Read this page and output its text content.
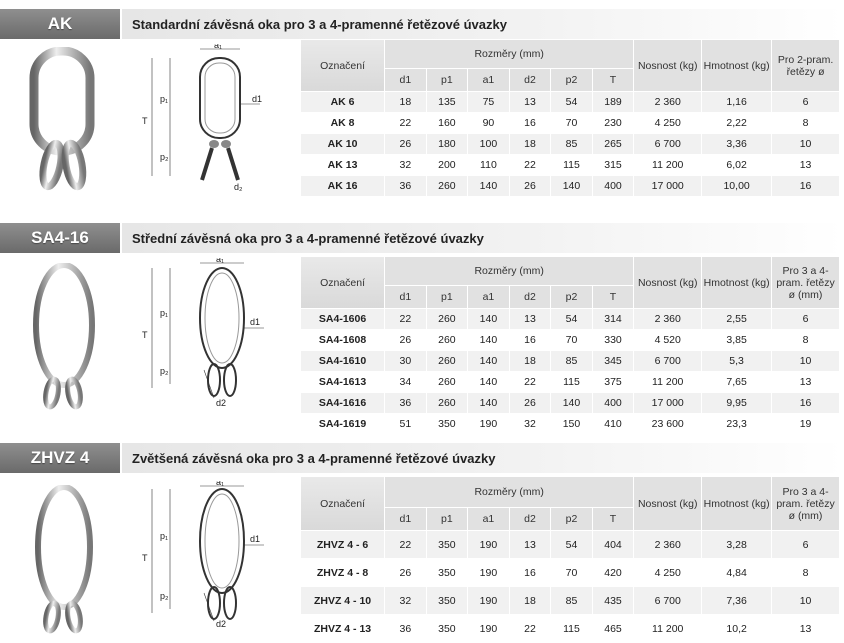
AK	Standardní závěsná oka pro 3 a 4-pramenné řetězové úvazky
a₁
p₁
p₂
T
d1
d₂
Označení	Rozměry (mm)						Nosnost (kg)	Hmotnost (kg)	Pro 2-pram. řetězy ø
	d1	p1	a1	d2	p2	T			
AK 6	18	135	75	13	54	189	2 360	1,16	6
AK 8	22	160	90	16	70	230	4 250	2,22	8
AK 10	26	180	100	18	85	265	6 700	3,36	10
AK 13	32	200	110	22	115	315	11 200	6,02	13
AK 16	36	260	140	26	140	400	17 000	10,00	16
SA4-16	Střední závěsná oka pro 3 a 4-pramenné řetězové úvazky
a₁
p₁
p₂
T
d1
d2
Označení	Rozměry (mm)						Nosnost (kg)	Hmotnost (kg)	Pro 3 a 4-pram. řetězy ø (mm)
	d1	p1	a1	d2	p2	T			
SA4-1606	22	260	140	13	54	314	2 360	2,55	6
SA4-1608	26	260	140	16	70	330	4 520	3,85	8
SA4-1610	30	260	140	18	85	345	6 700	5,3	10
SA4-1613	34	260	140	22	115	375	11 200	7,65	13
SA4-1616	36	260	140	26	140	400	17 000	9,95	16
SA4-1619	51	350	190	32	150	410	23 600	23,3	19
ZHVZ 4	Zvětšená závěsná oka pro 3 a 4-pramenné řetězové úvazky
a₁
p₁
p₂
T
d1
d2
Označení	Rozměry (mm)						Nosnost (kg)	Hmotnost (kg)	Pro 3 a 4-pram. řetězy ø (mm)
	d1	p1	a1	d2	p2	T			
ZHVZ 4 - 6	22	350	190	13	54	404	2 360	3,28	6
ZHVZ 4 - 8	26	350	190	16	70	420	4 250	4,84	8
ZHVZ 4 - 10	32	350	190	18	85	435	6 700	7,36	10
ZHVZ 4 - 13	36	350	190	22	115	465	11 200	10,2	13
